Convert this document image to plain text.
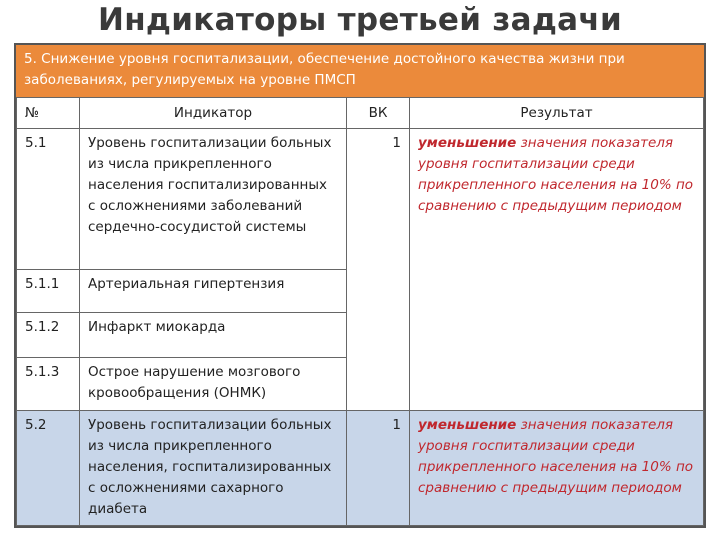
Индикаторы третьей задачи
5. Снижение уровня госпитализации, обеспечение достойного качества жизни при заболеваниях, регулируемых на уровне ПМСП
№	Индикатор	ВК	Результат
5.1	Уровень госпитализации больных из числа прикрепленного населения госпитализированных с осложнениями заболеваний сердечно-сосудистой системы	1	уменьшение значения показателя уровня госпитализации среди прикрепленного населения на 10% по сравнению с предыдущим периодом
5.1.1	Артериальная гипертензия		
5.1.2	Инфаркт миокарда		
5.1.3	Острое нарушение мозгового кровообращения (ОНМК)		
5.2	Уровень госпитализации больных из числа прикрепленного населения, госпитализированных с осложнениями сахарного диабета	1	уменьшение значения показателя уровня госпитализации среди прикрепленного населения на 10% по сравнению с предыдущим периодом
